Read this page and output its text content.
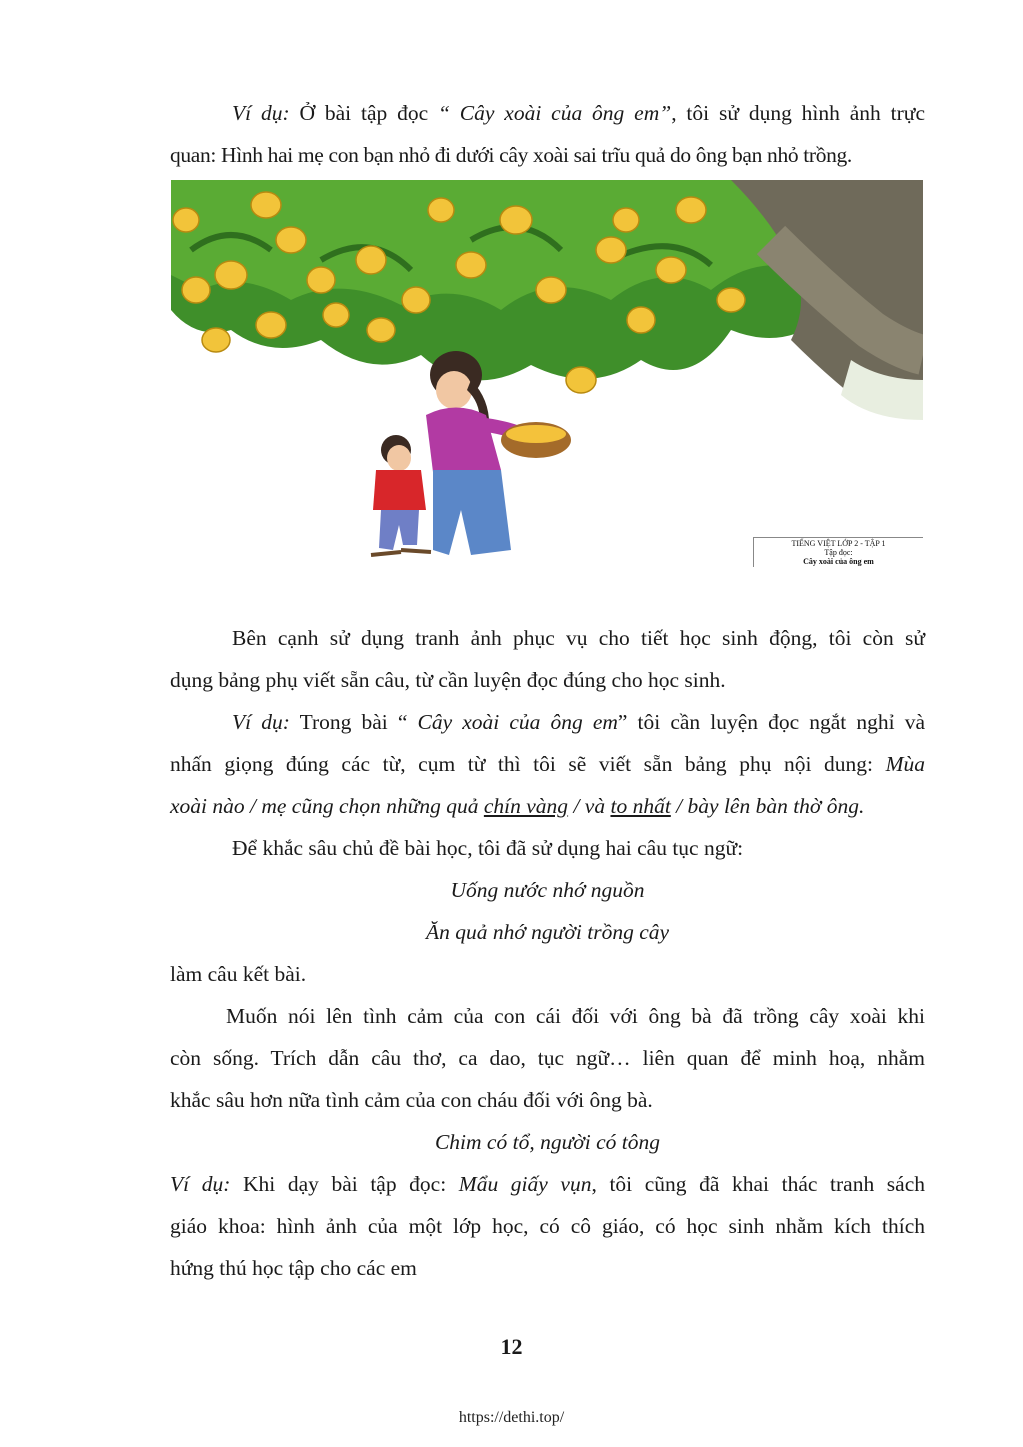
Ví dụ: Ở bài tập đọc “ Cây xoài của ông em”, tôi sử dụng hình ảnh trực

quan: Hình hai mẹ con bạn nhỏ đi dưới cây xoài sai trĩu quả do ông bạn nhỏ trồng.

TIẾNG VIỆT LỚP 2 - TẬP 1
Tập đọc:
Cây xoài của ông em

Bên cạnh sử dụng tranh ảnh phục vụ cho tiết học sinh động, tôi còn sử

dụng bảng phụ viết sẵn câu, từ cần luyện đọc đúng cho học sinh.

Ví dụ: Trong bài “ Cây xoài của ông em” tôi cần luyện đọc ngắt nghỉ và

nhấn giọng đúng các từ, cụm từ thì tôi sẽ viết sẵn bảng phụ nội dung: Mùa

xoài nào / mẹ cũng chọn những quả chín vàng / và to nhất / bày lên bàn thờ ông.

Để khắc sâu chủ đề bài học, tôi đã sử dụng hai câu tục ngữ:

Uống nước nhớ nguồn

Ăn quả nhớ người trồng cây

làm câu kết bài.

Muốn nói lên tình cảm của con cái đối với ông bà đã trồng cây xoài khi

còn sống. Trích dẫn câu thơ, ca dao, tục ngữ… liên quan để minh hoạ, nhằm

khắc sâu hơn nữa tình cảm của con cháu đối với ông bà.

Chim có tổ, người có tông

Ví dụ: Khi dạy bài tập đọc: Mẩu giấy vụn, tôi cũng đã khai thác tranh sách

giáo khoa: hình ảnh của một lớp học, có cô giáo, có học sinh nhằm kích thích

hứng thú học tập cho các em

12
https://dethi.top/
